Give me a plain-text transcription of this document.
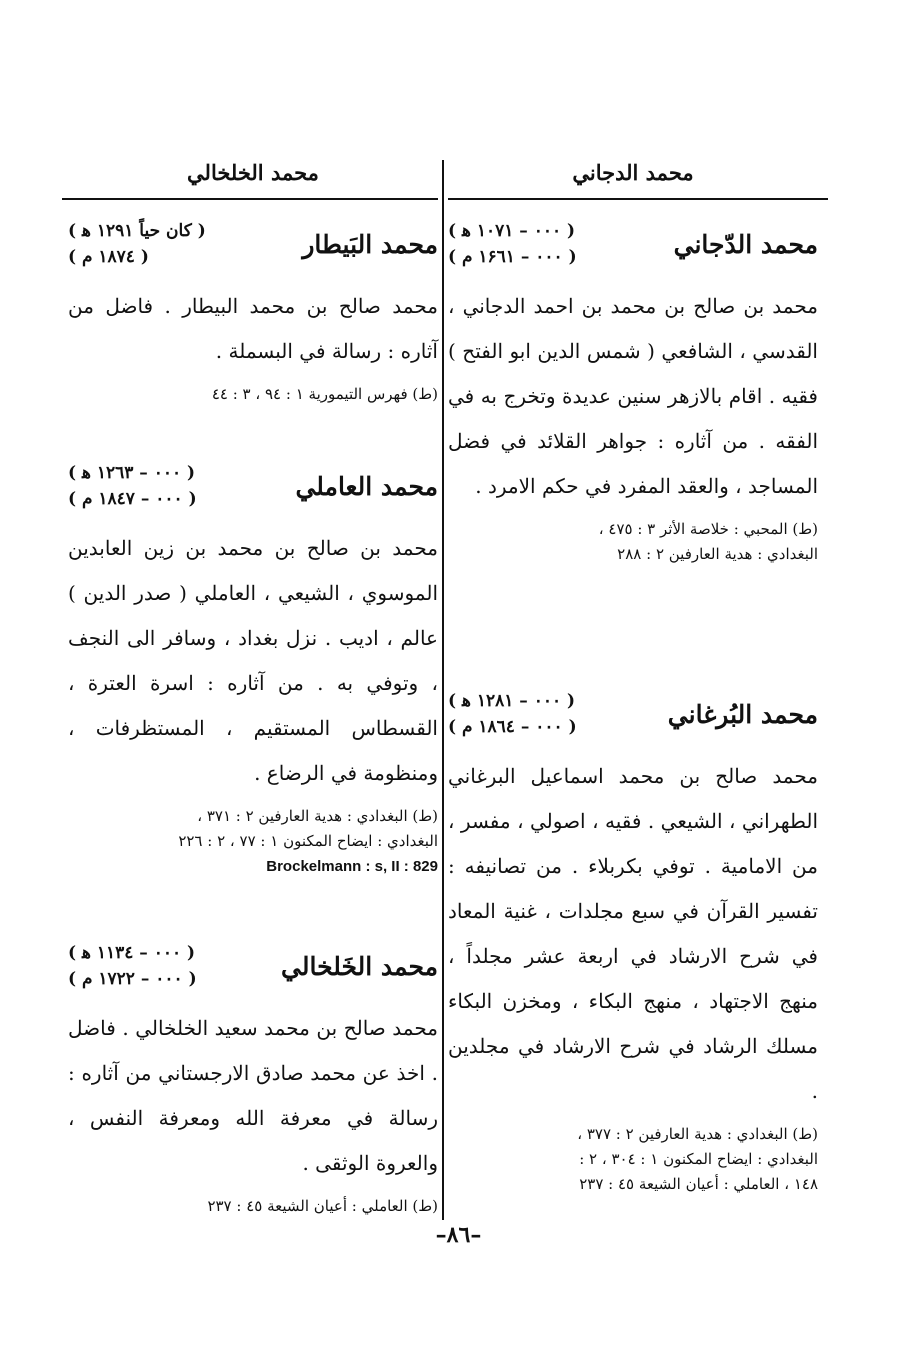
محمد الدجاني
محمد الخلخالي
محمد الدّجاني
( ۰۰۰ – ۱۰۷۱ ﻫ )
( ۰۰۰ – ۱۶٦۱ م )
محمد بن صالح بن محمد بن احمد الدجاني ، القدسي ، الشافعي ( شمس الدين ابو الفتح ) فقيه . اقام بالازهر سنين عديدة وتخرج به في الفقه . من آثاره : جواهر القلائد في فضل المساجد ، والعقد المفرد في حكم الامرد .
(ط) المحبي : خلاصة الأثر ٣ : ٤٧٥ ،
البغدادي : هدية العارفين ٢ : ٢٨٨
محمد البُرغاني
( ۰۰۰ – ۱۲۸۱ ﻫ )
( ۰۰۰ – ۱۸٦٤ م )
محمد صالح بن محمد اسماعيل البرغاني الطهراني ، الشيعي . فقيه ، اصولي ، مفسر ، من الامامية . توفي بكربلاء . من تصانيفه : تفسير القرآن في سبع مجلدات ، غنية المعاد في شرح الارشاد في اربعة عشر مجلداً ، منهج الاجتهاد ، منهج البكاء ، ومخزن البكاء مسلك الرشاد في شرح الارشاد في مجلدين .
(ط) البغدادي : هدية العارفين ٢ : ٣٧٧ ،
البغدادي : ايضاح المكنون ١ : ٣٠٤ ، ٢ :
١٤٨ ، العاملي : أعيان الشيعة ٤٥ : ٢٣٧
محمد البَيطار
( كان حياً ١٢٩١ ﻫ )
( ١٨٧٤ م )
محمد صالح بن محمد البيطار . فاضل من آثاره : رسالة في البسملة .
(ط) فهرس التيمورية ١ : ٩٤ ، ٣ : ٤٤
محمد العاملي
( ۰۰۰ – ۱۲٦۳ ﻫ )
( ۰۰۰ – ۱۸٤۷ م )
محمد بن صالح بن محمد بن زين العابدين الموسوي ، الشيعي ، العاملي ( صدر الدين ) عالم ، اديب . نزل بغداد ، وسافر الى النجف ، وتوفي به . من آثاره : اسرة العترة ، القسطاس المستقيم ، المستظرفات ، ومنظومة في الرضاع .
(ط) البغدادي : هدية العارفين ٢ : ٣٧١ ،
البغدادي : ايضاح المكنون ١ : ٧٧ ، ٢ : ٢٢٦
Brockelmann : s, II : 829
محمد الخَلخالي
( ۰۰۰ – ۱۱۳٤ ﻫ )
( ۰۰۰ – ۱۷۲۲ م )
محمد صالح بن محمد سعيد الخلخالي . فاضل . اخذ عن محمد صادق الارجستاني من آثاره : رسالة في معرفة الله ومعرفة النفس ، والعروة الوثقى .
(ط) العاملي : أعيان الشيعة ٤٥ : ٢٣٧
–٨٦–
